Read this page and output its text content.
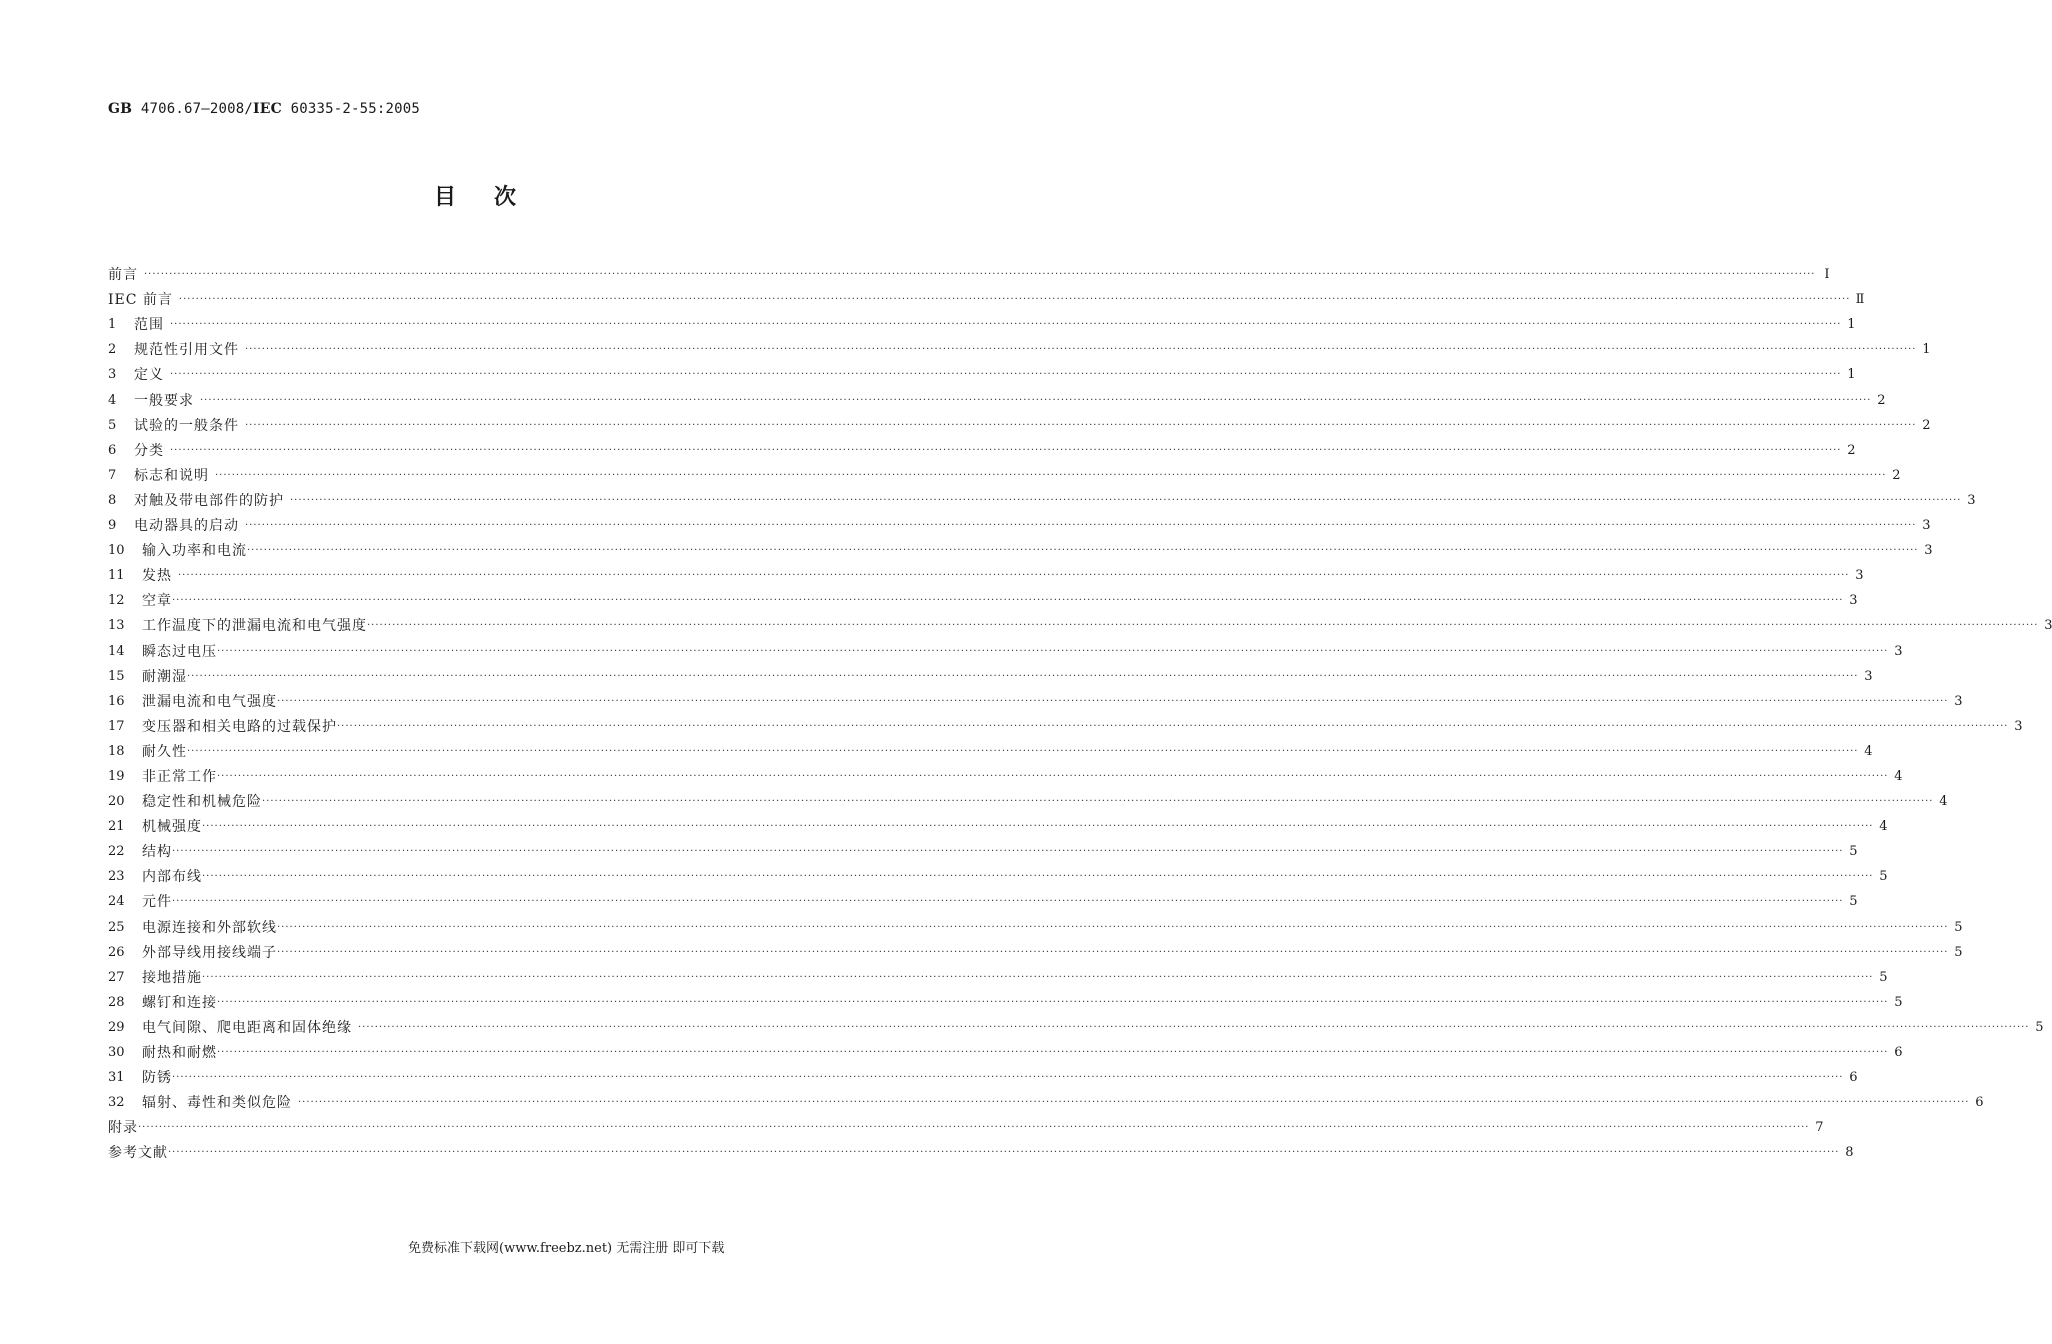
GB 4706.67—2008/IEC 60335-2-55:2005
目次
前言 ················································································································································································································································································································································································································ Ⅰ
IEC 前言 ················································································································································································································································································································································································································ Ⅱ
1	范围 ················································································································································································································································································································································································································ 1
2	规范性引用文件 ················································································································································································································································································································································································································ 1
3	定义 ················································································································································································································································································································································································································ 1
4	一般要求 ················································································································································································································································································································································································································ 2
5	试验的一般条件 ················································································································································································································································································································································································································ 2
6	分类 ················································································································································································································································································································································································································ 2
7	标志和说明 ················································································································································································································································································································································································································ 2
8	对触及带电部件的防护 ················································································································································································································································································································································································································ 3
9	电动器具的启动 ················································································································································································································································································································································································································ 3
10	输入功率和电流 ················································································································································································································································································································································································································ 3
11	发热 ················································································································································································································································································································································································································ 3
12	空章 ················································································································································································································································································································································································································ 3
13	工作温度下的泄漏电流和电气强度 ················································································································································································································································································································································································································ 3
14	瞬态过电压 ················································································································································································································································································································································································································ 3
15	耐潮湿 ················································································································································································································································································································································································································ 3
16	泄漏电流和电气强度 ················································································································································································································································································································································································································ 3
17	变压器和相关电路的过载保护 ················································································································································································································································································································································································································ 3
18	耐久性 ················································································································································································································································································································································································································ 4
19	非正常工作 ················································································································································································································································································································································································································ 4
20	稳定性和机械危险 ················································································································································································································································································································································································································ 4
21	机械强度 ················································································································································································································································································································································································································ 4
22	结构 ················································································································································································································································································································································································································ 5
23	内部布线 ················································································································································································································································································································································································································ 5
24	元件 ················································································································································································································································································································································································································ 5
25	电源连接和外部软线 ················································································································································································································································································································································································································ 5
26	外部导线用接线端子 ················································································································································································································································································································································································································ 5
27	接地措施 ················································································································································································································································································································································································································ 5
28	螺钉和连接 ················································································································································································································································································································································································································ 5
29	电气间隙、爬电距离和固体绝缘 ················································································································································································································································································································································································································ 5
30	耐热和耐燃 ················································································································································································································································································································································································································ 6
31	防锈 ················································································································································································································································································································································································································ 6
32	辐射、毒性和类似危险 ················································································································································································································································································································································································································ 6
附录 ················································································································································································································································································································································································································ 7
参考文献 ················································································································································································································································································································································································································ 8
免费标准下载网(www.freebz.net) 无需注册 即可下载
